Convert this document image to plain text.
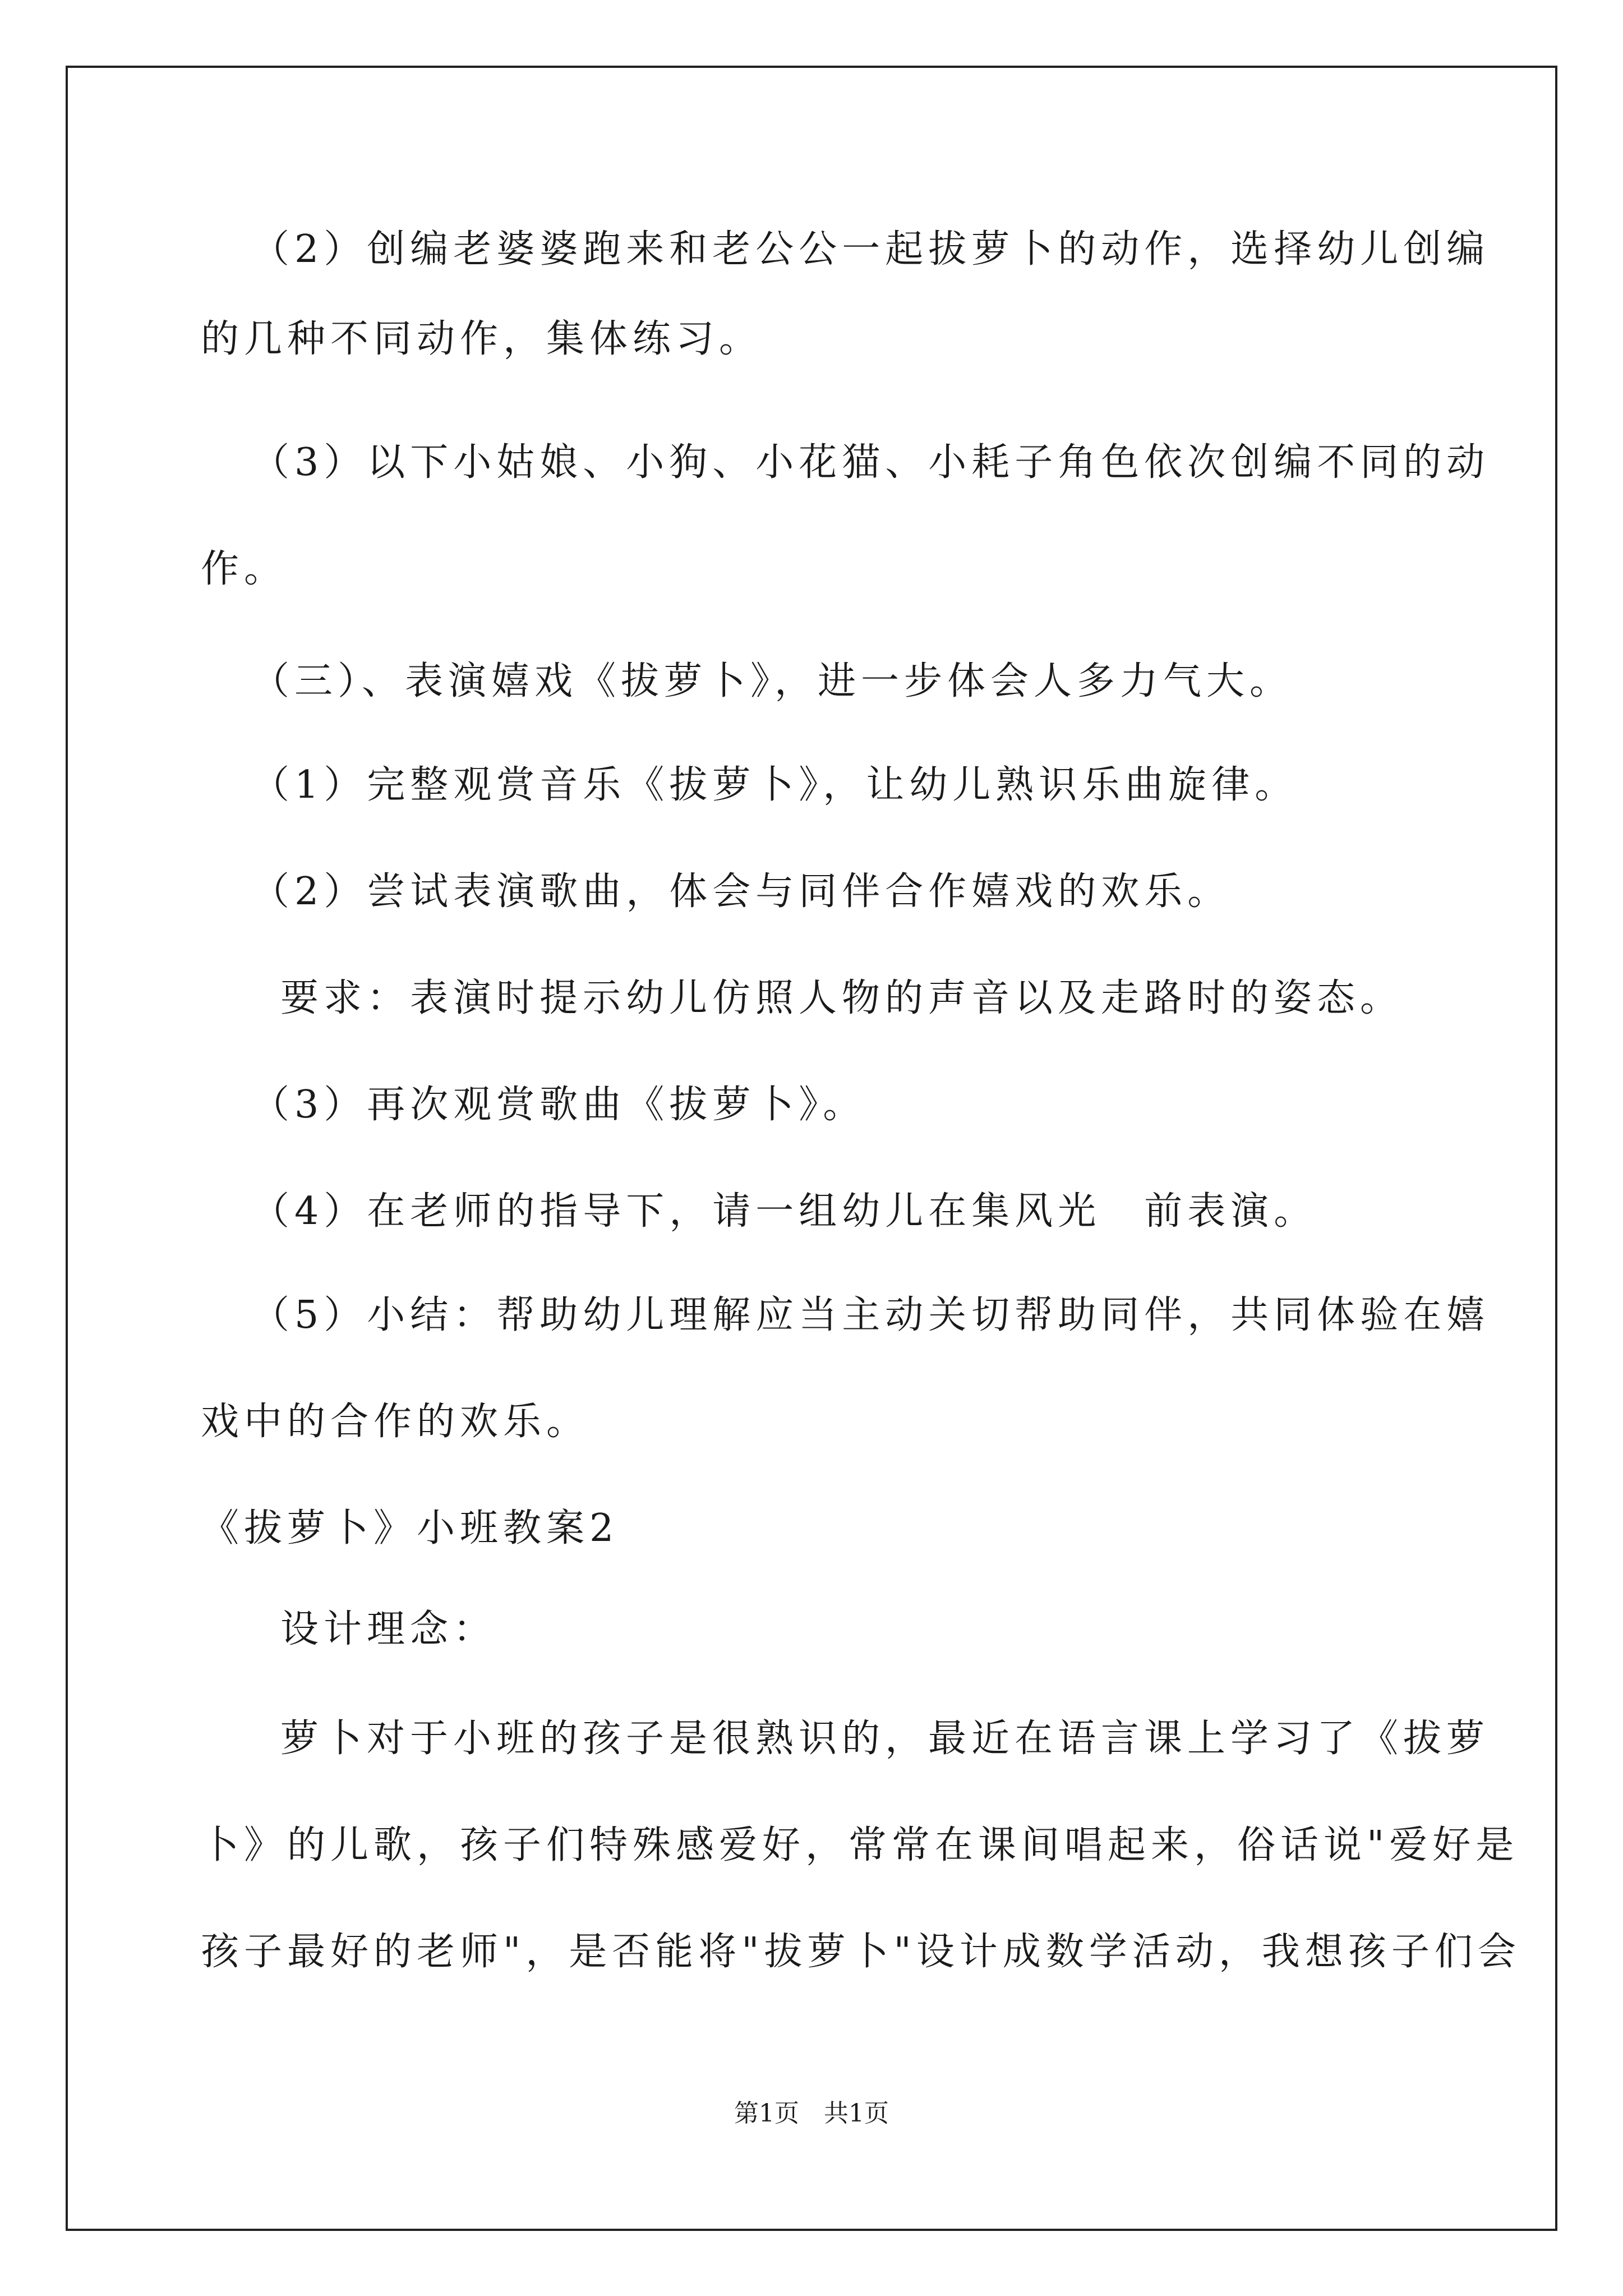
（2）创编老婆婆跑来和老公公一起拔萝卜的动作，选择幼儿创编
的几种不同动作，集体练习。
（3）以下小姑娘、小狗、小花猫、小耗子角色依次创编不同的动
作。
（三）、表演嬉戏《拔萝卜》，进一步体会人多力气大。
（1）完整观赏音乐《拔萝卜》，让幼儿熟识乐曲旋律。
（2）尝试表演歌曲，体会与同伴合作嬉戏的欢乐。
要求：表演时提示幼儿仿照人物的声音以及走路时的姿态。
（3）再次观赏歌曲《拔萝卜》。
（4）在老师的指导下，请一组幼儿在集风光　前表演。
（5）小结：帮助幼儿理解应当主动关切帮助同伴，共同体验在嬉
戏中的合作的欢乐。
《拔萝卜》小班教案2
设计理念：
萝卜对于小班的孩子是很熟识的，最近在语言课上学习了《拔萝
卜》的儿歌，孩子们特殊感爱好，常常在课间唱起来，俗话说"爱好是
孩子最好的老师"，是否能将"拔萝卜"设计成数学活动，我想孩子们会
第1页　共1页
